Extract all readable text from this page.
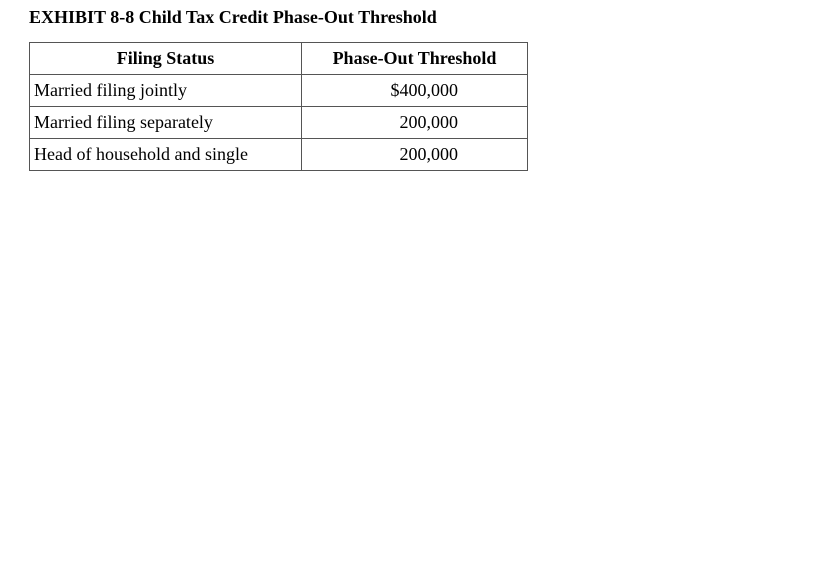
EXHIBIT 8-8 Child Tax Credit Phase-Out Threshold
Filing Status	Phase-Out Threshold
Married filing jointly	$400,000
Married filing separately	200,000
Head of household and single	200,000
